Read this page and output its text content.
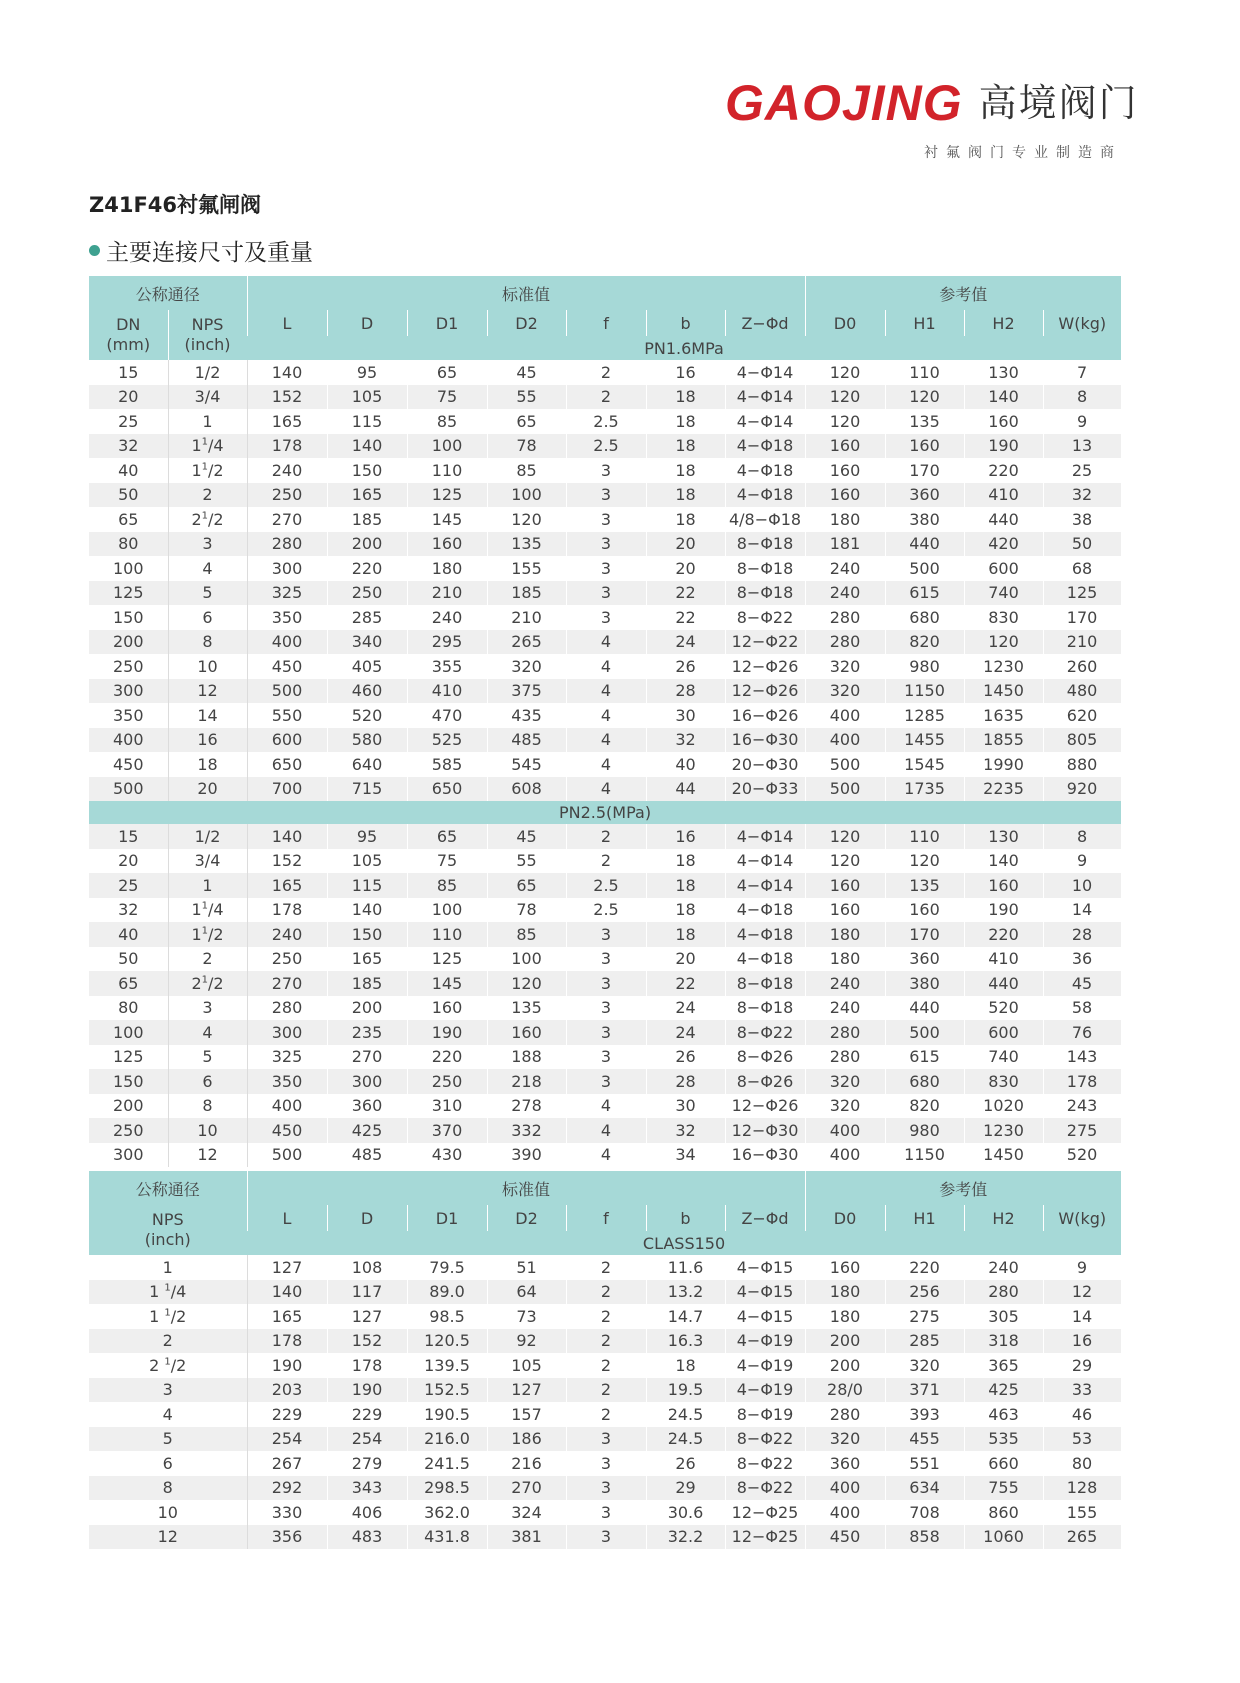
GAOJING 高境阀门
衬氟阀门专业制造商
Z41F46衬氟闸阀
主要连接尺寸及重量
公称通径		标准值							参考值			
DN
(mm)	NPS
(inch)	L	D	D1	D2	f	b	Z−Φd	D0	H1	H2	W(kg)
		PN1.6MPa										
15	1/2	140	95	65	45	2	16	4−Φ14	120	110	130	7
20	3/4	152	105	75	55	2	18	4−Φ14	120	120	140	8
25	1	165	115	85	65	2.5	18	4−Φ14	120	135	160	9
32	$1^1/4$	178	140	100	78	2.5	18	4−Φ18	160	160	190	13
40	$1^1/2$	240	150	110	85	3	18	4−Φ18	160	170	220	25
50	2	250	165	125	100	3	18	4−Φ18	160	360	410	32
65	$2^1/2$	270	185	145	120	3	18	4/8−Φ18	180	380	440	38
80	3	280	200	160	135	3	20	8−Φ18	181	440	420	50
100	4	300	220	180	155	3	20	8−Φ18	240	500	600	68
125	5	325	250	210	185	3	22	8−Φ18	240	615	740	125
150	6	350	285	240	210	3	22	8−Φ22	280	680	830	170
200	8	400	340	295	265	4	24	12−Φ22	280	820	120	210
250	10	450	405	355	320	4	26	12−Φ26	320	980	1230	260
300	12	500	460	410	375	4	28	12−Φ26	320	1150	1450	480
350	14	550	520	470	435	4	30	16−Φ26	400	1285	1635	620
400	16	600	580	525	485	4	32	16−Φ30	400	1455	1855	805
450	18	650	640	585	545	4	40	20−Φ30	500	1545	1990	880
500	20	700	715	650	608	4	44	20−Φ33	500	1735	2235	920
PN2.5(MPa)												
15	1/2	140	95	65	45	2	16	4−Φ14	120	110	130	8
20	3/4	152	105	75	55	2	18	4−Φ14	120	120	140	9
25	1	165	115	85	65	2.5	18	4−Φ14	160	135	160	10
32	$1^1/4$	178	140	100	78	2.5	18	4−Φ18	160	160	190	14
40	$1^1/2$	240	150	110	85	3	18	4−Φ18	180	170	220	28
50	2	250	165	125	100	3	20	4−Φ18	180	360	410	36
65	$2^1/2$	270	185	145	120	3	22	8−Φ18	240	380	440	45
80	3	280	200	160	135	3	24	8−Φ18	240	440	520	58
100	4	300	235	190	160	3	24	8−Φ22	280	500	600	76
125	5	325	270	220	188	3	26	8−Φ26	280	615	740	143
150	6	350	300	250	218	3	28	8−Φ26	320	680	830	178
200	8	400	360	310	278	4	30	12−Φ26	320	820	1020	243
250	10	450	425	370	332	4	32	12−Φ30	400	980	1230	275
300	12	500	485	430	390	4	34	16−Φ30	400	1150	1450	520
公称通径	标准值							参考值			
NPS
(inch)	L	D	D1	D2	f	b	Z−Φd	D0	H1	H2	W(kg)
	CLASS150										
1	127	108	79.5	51	2	11.6	4−Φ15	160	220	240	9
1 $^1$/4	140	117	89.0	64	2	13.2	4−Φ15	180	256	280	12
1 $^1$/2	165	127	98.5	73	2	14.7	4−Φ15	180	275	305	14
2	178	152	120.5	92	2	16.3	4−Φ19	200	285	318	16
2 $^1$/2	190	178	139.5	105	2	18	4−Φ19	200	320	365	29
3	203	190	152.5	127	2	19.5	4−Φ19	28/0	371	425	33
4	229	229	190.5	157	2	24.5	8−Φ19	280	393	463	46
5	254	254	216.0	186	3	24.5	8−Φ22	320	455	535	53
6	267	279	241.5	216	3	26	8−Φ22	360	551	660	80
8	292	343	298.5	270	3	29	8−Φ22	400	634	755	128
10	330	406	362.0	324	3	30.6	12−Φ25	400	708	860	155
12	356	483	431.8	381	3	32.2	12−Φ25	450	858	1060	265
